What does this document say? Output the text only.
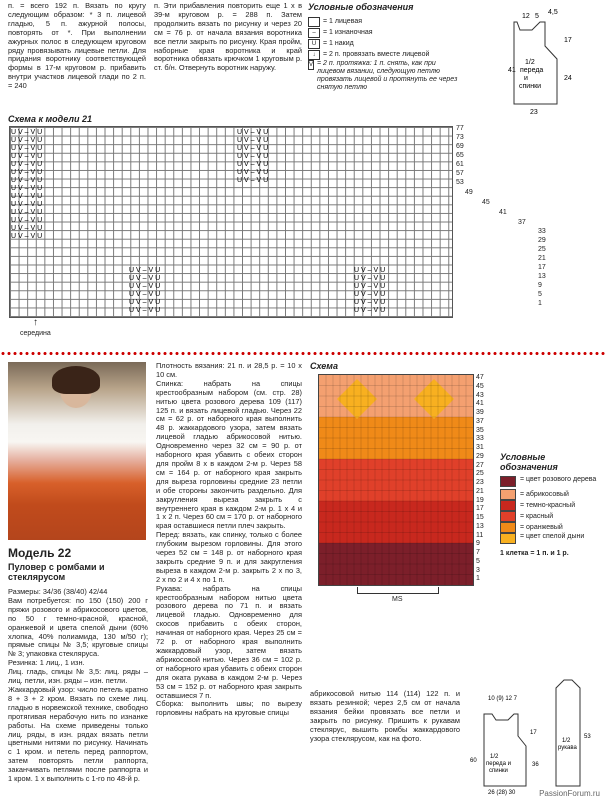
п. = всего 192 п. Вязать по кругу следующим образом: * 3 п. лицевой гладью, 5 п. ажурной полосы, повторять от *. При выполнении ажурных полос в следующем круговом ряду провязывать лицевые петли. Для придания воротнику соответствующей формы в 17-м круговом р. прибавить внутри участков лицевой глади по 2 п. = 240
п. Эти прибавления повторить еще 1 х в 39-м круговом р. = 288 п. Затем продолжить вязать по рисунку и через 20 см = 76 р. от начала вязания воротника все петли закрыть по рисунку. Края пройм, наборные края воротника и край воротника обвязать крючком 1 круговым р. ст. б/н. Отвернуть воротник наружу.
Условные обозначения
= 1 лицевая
–	= 1 изнаночная
U = 1 накид
↓	= 2 п. провязать вместе лицевой
V = 2 п. протяжка: 1 п. снять, как при лицевом вязании, следующую петлю провязать лицевой и протянуть ее через снятую петлю
41
12 5
4,5
17
24
23
1/2
переда
и
спинки
Схема к модели 21
U V – V U
U V – V U
U V – V U
U V – V U
U V – V U
U V – V U
U V – V U
U V – V U
U V – V U
U V – V U
U V – V U
U V – V U
U V – V U
U V – V U
U V – V U
U V – V U
U V – V U
U V – V U
U V – V U
U V – V U
U V – V U
U V – V U
U V – V U
U V – V U
U V – V U
U V – V U
U V – V U
U V – V U
U V – V U
U V – V U
U V – V U
U V – V U
U V – V U
77
73
69
65
61
57
53
49
45
41
37
33
29
25
21
17
13
9
5
1
↑
середина
Модель 22
Пуловер с ромбами и стеклярусом
Размеры: 34/36 (38/40) 42/44
Вам потребуется: по 150 (150) 200 г пряжи розового и абрикосового цветов, по 50 г темно-красной, красной, оранжевой и цвета спелой дыни (60% хлопка, 40% полиамида, 130 м/50 г); прямые спицы № 3,5; круговые спицы № 3; упаковка стекляруса.
Резинка: 1 лиц., 1 изн.
Лиц. гладь, спицы № 3,5: лиц. ряды – лиц. петли, изн. ряды – изн. петли.
Жаккардовый узор: число петель кратно 8 + 3 + 2 кром. Вязать по схеме лиц. гладью в норвежской технике, свободно протягивая нерабочую нить по изнанке работы. На схеме приведены только лиц. ряды, в изн. рядах вязать петли цветными нитями по рисунку. Начинать с 1 кром. и петель перед раппортом, затем повторять петли раппорта, заканчивать петлями после раппорта и 1 кром. 1 х выполнить с 1-го по 48-й р.
Плотность вязания: 21 п. и 28,5 р. = 10 х 10 см.
Спинка: набрать на спицы крестообразным набором (см. стр. 28) нитью цвета розового дерева 109 (117) 125 п. и вязать лицевой гладью. Через 22 см = 62 р. от наборного края выполнить 48 р. жаккардового узора, затем вязать лицевой гладью абрикосовой нитью. Одновременно через 32 см = 90 р. от наборного края убавить с обеих сторон для пройм 8 х в каждом 2-м р. Через 58 см = 164 р. от наборного края закрыть для выреза горловины средние 23 петли и обе стороны закончить раздельно. Для закругления выреза закрыть с внутреннего края в каждом 2-м р. 1 х 4 и 1 х 2 п. Через 60 см = 170 р. от наборного края оставшиеся петли плеч закрыть.
Перед: вязать, как спинку, только с более глубоким вырезом горловины. Для этого через 52 см = 148 р. от наборного края закрыть средние 9 п. и для закругления выреза в каждом 2-м р. закрыть 2 х по 3, 2 х по 2 и 4 х по 1 п.
Рукава: набрать на спицы крестообразным набором нитью цвета розового дерева по 71 п. и вязать лицевой гладью. Одновременно для скосов прибавить с обеих сторон, начиная от наборного края. Через 25 см = 72 р. от наборного края выполнить жаккардовый узор, затем вязать абрикосовой нитью. Через 36 см = 102 р. от наборного края убавить с обеих сторон для оката рукава в каждом 2-м р. Через 53 см = 152 р. от наборного края закрыть оставшиеся 7 п.
Сборка: выполнить швы; по вырезу горловины набрать на круговые спицы
Схема
47
45
43
41
39
37
35
33
31
29
27
25
23
21
19
17
15
13
11
9
7
5
3
1
MS
Условные обозначения
= цвет розового дерева
= абрикосовый
= темно-красный
= красный
= оранжевый
= цвет спелой дыни
1 клетка = 1 п. и 1 р.
абрикосовой нитью 114 (114) 122 п. и вязать резинкой; через 2,5 см от начала вязания бейки провязать все петли и закрыть по рисунку. Пришить к рукавам стеклярус, вышить ромбы жаккардового узора стеклярусом, как на фото.
1/2
переда и
спинки
26 (28) 30
10 (9) 12 7
1/2
рукава
53
17
36
60
PassionForum.ru
